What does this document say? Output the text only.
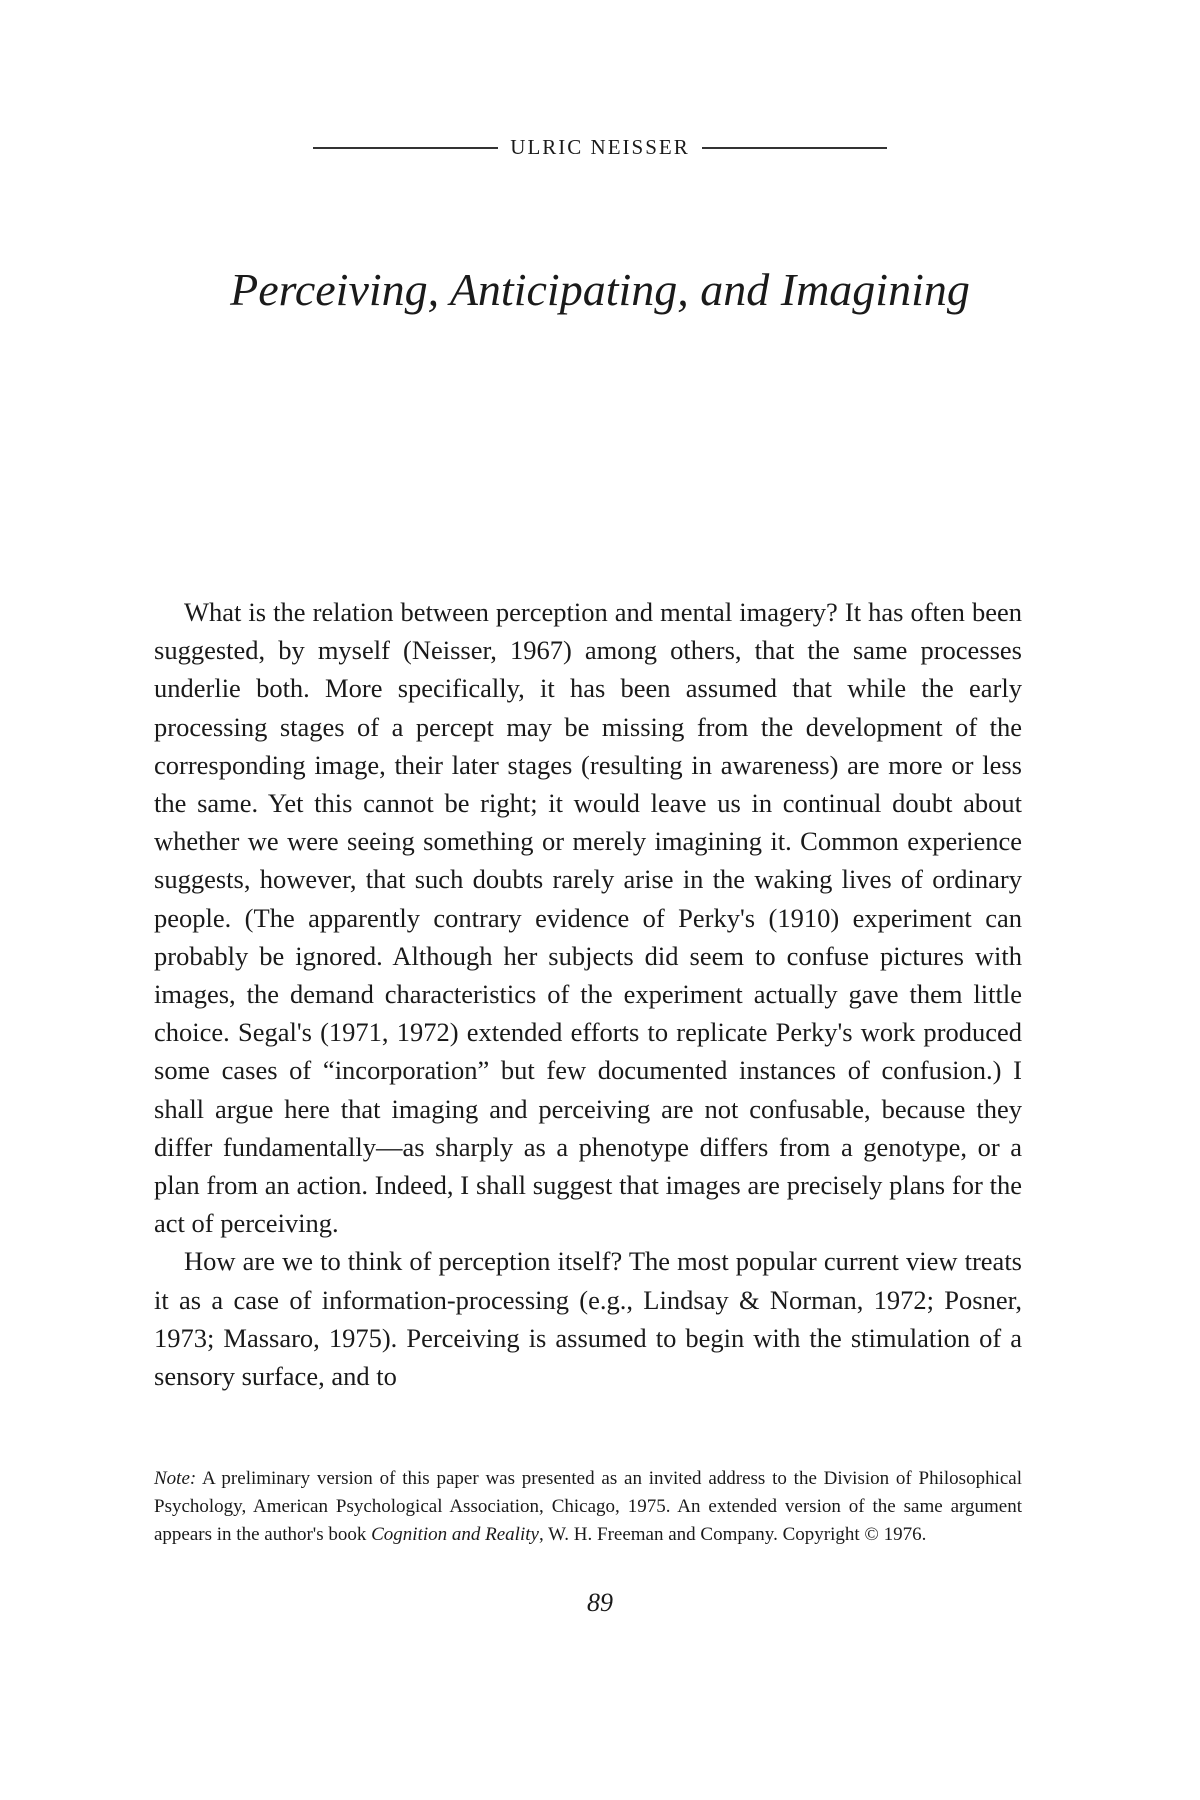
ULRIC NEISSER
Perceiving, Anticipating, and Imagining

What is the relation between perception and mental imagery? It has often been suggested, by myself (Neisser, 1967) among others, that the same processes underlie both. More specifically, it has been assumed that while the early processing stages of a percept may be missing from the development of the corresponding image, their later stages (resulting in awareness) are more or less the same. Yet this cannot be right; it would leave us in continual doubt about whether we were seeing something or merely imagining it. Common experience suggests, however, that such doubts rarely arise in the waking lives of ordinary people. (The apparently contrary evidence of Perky's (1910) experiment can probably be ignored. Although her subjects did seem to confuse pictures with images, the demand characteristics of the experiment actually gave them little choice. Segal's (1971, 1972) extended efforts to replicate Perky's work produced some cases of “incorporation” but few documented instances of confusion.) I shall argue here that imaging and perceiving are not confusable, because they differ fundamentally—as sharply as a phenotype differs from a genotype, or a plan from an action. Indeed, I shall suggest that images are precisely plans for the act of perceiving.

How are we to think of perception itself? The most popular current view treats it as a case of information-processing (e.g., Lindsay & Norman, 1972; Posner, 1973; Massaro, 1975). Perceiving is assumed to begin with the stimulation of a sensory surface, and to

Note: A preliminary version of this paper was presented as an invited address to the Division of Philosophical Psychology, American Psychological Association, Chicago, 1975. An extended version of the same argument appears in the author's book Cognition and Reality, W. H. Freeman and Company. Copyright © 1976.

89
